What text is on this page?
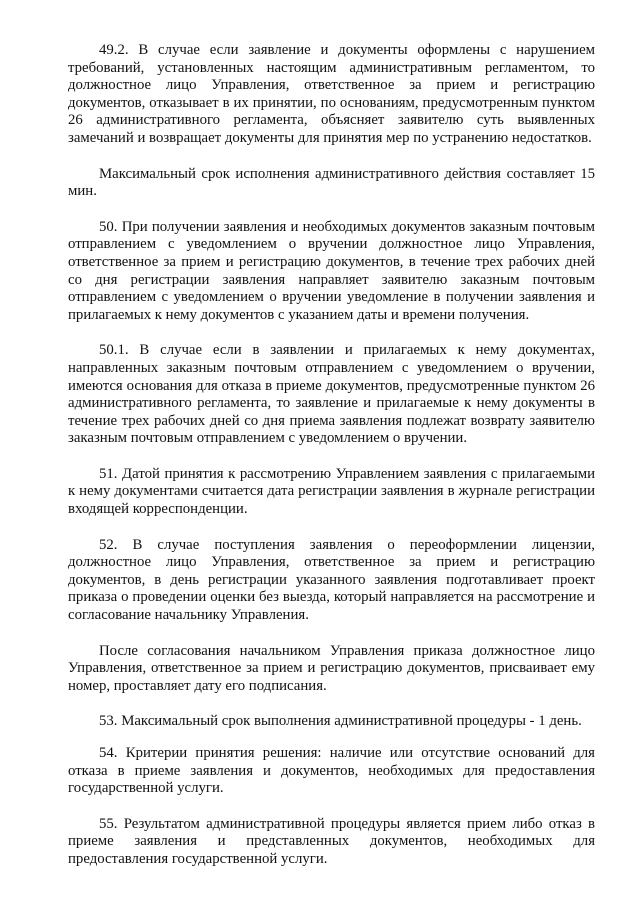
49.2. В случае если заявление и документы оформлены с нарушением требований, установленных настоящим административным регламентом, то должностное лицо Управления, ответственное за прием и регистрацию документов, отказывает в их принятии, по основаниям, предусмотренным пунктом 26 административного регламента, объясняет заявителю суть выявленных замечаний и возвращает документы для принятия мер по устранению недостатков.

Максимальный срок исполнения административного действия составляет 15 мин.

50. При получении заявления и необходимых документов заказным почтовым отправлением с уведомлением о вручении должностное лицо Управления, ответственное за прием и регистрацию документов, в течение трех рабочих дней со дня регистрации заявления направляет заявителю заказным почтовым отправлением с уведомлением о вручении уведомление в получении заявления и прилагаемых к нему документов с указанием даты и времени получения.

50.1. В случае если в заявлении и прилагаемых к нему документах, направленных заказным почтовым отправлением с уведомлением о вручении, имеются основания для отказа в приеме документов, предусмотренные пунктом 26 административного регламента, то заявление и прилагаемые к нему документы в течение трех рабочих дней со дня приема заявления подлежат возврату заявителю заказным почтовым отправлением с уведомлением о вручении.

51. Датой принятия к рассмотрению Управлением заявления с прилагаемыми к нему документами считается дата регистрации заявления в журнале регистрации входящей корреспонденции.

52. В случае поступления заявления о переоформлении лицензии, должностное лицо Управления, ответственное за прием и регистрацию документов, в день регистрации указанного заявления подготавливает проект приказа о проведении оценки без выезда, который направляется на рассмотрение и согласование начальнику Управления.

После согласования начальником Управления приказа должностное лицо Управления, ответственное за прием и регистрацию документов, присваивает ему номер, проставляет дату его подписания.

53. Максимальный срок выполнения административной процедуры - 1 день.

54. Критерии принятия решения: наличие или отсутствие оснований для отказа в приеме заявления и документов, необходимых для предоставления государственной услуги.

55. Результатом административной процедуры является прием либо отказ в приеме заявления и представленных документов, необходимых для предоставления государственной услуги.
